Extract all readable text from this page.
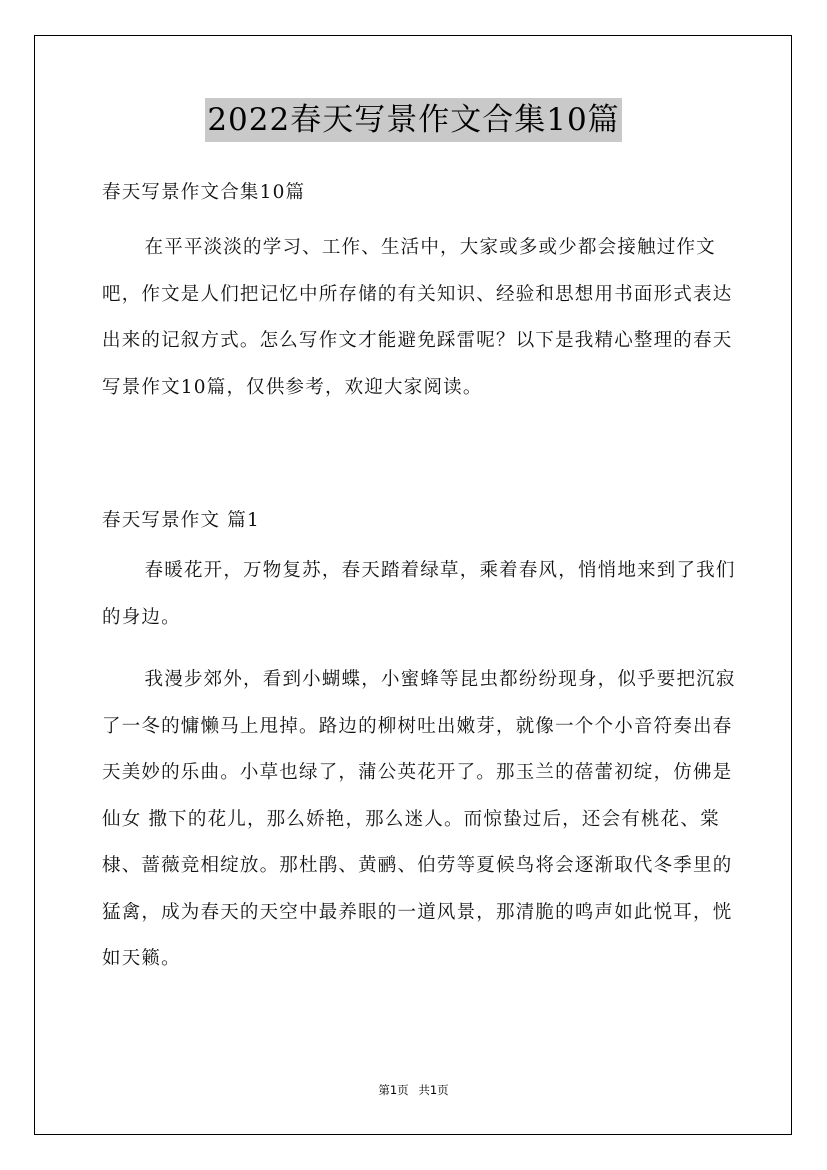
2022春天写景作文合集10篇
春天写景作文合集10篇
在平平淡淡的学习、工作、生活中，大家或多或少都会接触过作文吧，作文是人们把记忆中所存储的有关知识、经验和思想用书面形式表达出来的记叙方式。怎么写作文才能避免踩雷呢？以下是我精心整理的春天写景作文10篇，仅供参考，欢迎大家阅读。
春天写景作文 篇1
春暖花开，万物复苏，春天踏着绿草，乘着春风，悄悄地来到了我们的身边。
我漫步郊外，看到小蝴蝶，小蜜蜂等昆虫都纷纷现身，似乎要把沉寂了一冬的慵懒马上甩掉。路边的柳树吐出嫩芽，就像一个个小音符奏出春天美妙的乐曲。小草也绿了，蒲公英花开了。那玉兰的蓓蕾初绽，仿佛是仙女 撒下的花儿，那么娇艳，那么迷人。而惊蛰过后，还会有桃花、棠棣、蔷薇竞相绽放。那杜鹃、黄鹂、伯劳等夏候鸟将会逐渐取代冬季里的猛禽，成为春天的天空中最养眼的一道风景，那清脆的鸣声如此悦耳，恍如天籁。
第1页 共1页
